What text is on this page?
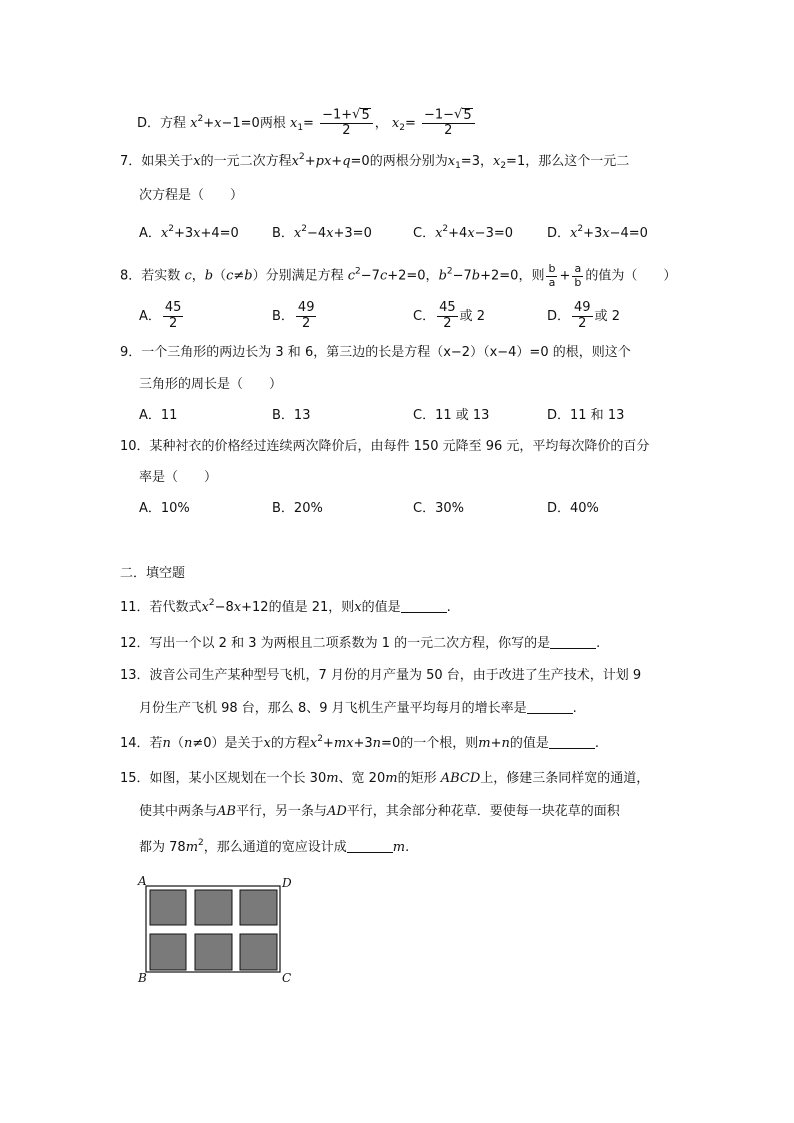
D．方程 $x^2+x-1=0$两根 $x_1= \frac{-1+ √ 5}{2}$ ， $x_2= \frac{-1- √ 5}{2}$
7．如果关于x的一元二次方程$x^2+px+q=0$的两根分别为$x_1=3$，$x_2=1$，那么这个一元二
次方程是（　　）
A．$x^2+3x+4=0$	B．$x^2-4x+3=0$	C．$x^2+4x-3=0$	D．$x^2+3x-4=0$
8．若实数 c，b（c≠b）分别满足方程 $c^2-7c+2=0$，$b^2-7b+2=0$，则 $\frac{b}{a} + \frac{a}{b}$ 的值为（　　）
A． $\frac{45}{2}$	B． $\frac{49}{2}$	C． $\frac{45}{2}$ 或 2	D． $\frac{49}{2}$ 或 2
9．一个三角形的两边长为 3 和 6，第三边的长是方程（x−2）（x−4）=0 的根，则这个
三角形的周长是（　　）
A．11	B．13	C．11 或 13	D．11 和 13
10．某种衬衣的价格经过连续两次降价后，由每件 150 元降至 96 元，平均每次降价的百分
率是（　　）
A．10%	B．20%	C．30%	D．40%
二．填空题
11．若代数式$x^2-8x+12$的值是 21，则x的值是	.
12．写出一个以 2 和 3 为两根且二项系数为 1 的一元二次方程，你写的是	.
13．波音公司生产某种型号飞机，7 月份的月产量为 50 台，由于改进了生产技术，计划 9
月份生产飞机 98 台，那么 8、9 月飞机生产量平均每月的增长率是	.
14．若n（n≠0）是关于x的方程$x^2+mx+3n=0$的一个根，则m+n的值是	.
15．如图，某小区规划在一个长 30m、宽 20m的矩形 ABCD上，修建三条同样宽的通道，
使其中两条与AB平行，另一条与AD平行，其余部分种花草．要使每一块花草的面积
都为 $78m^2$，那么通道的宽应设计成	m.
A	D
B	C
